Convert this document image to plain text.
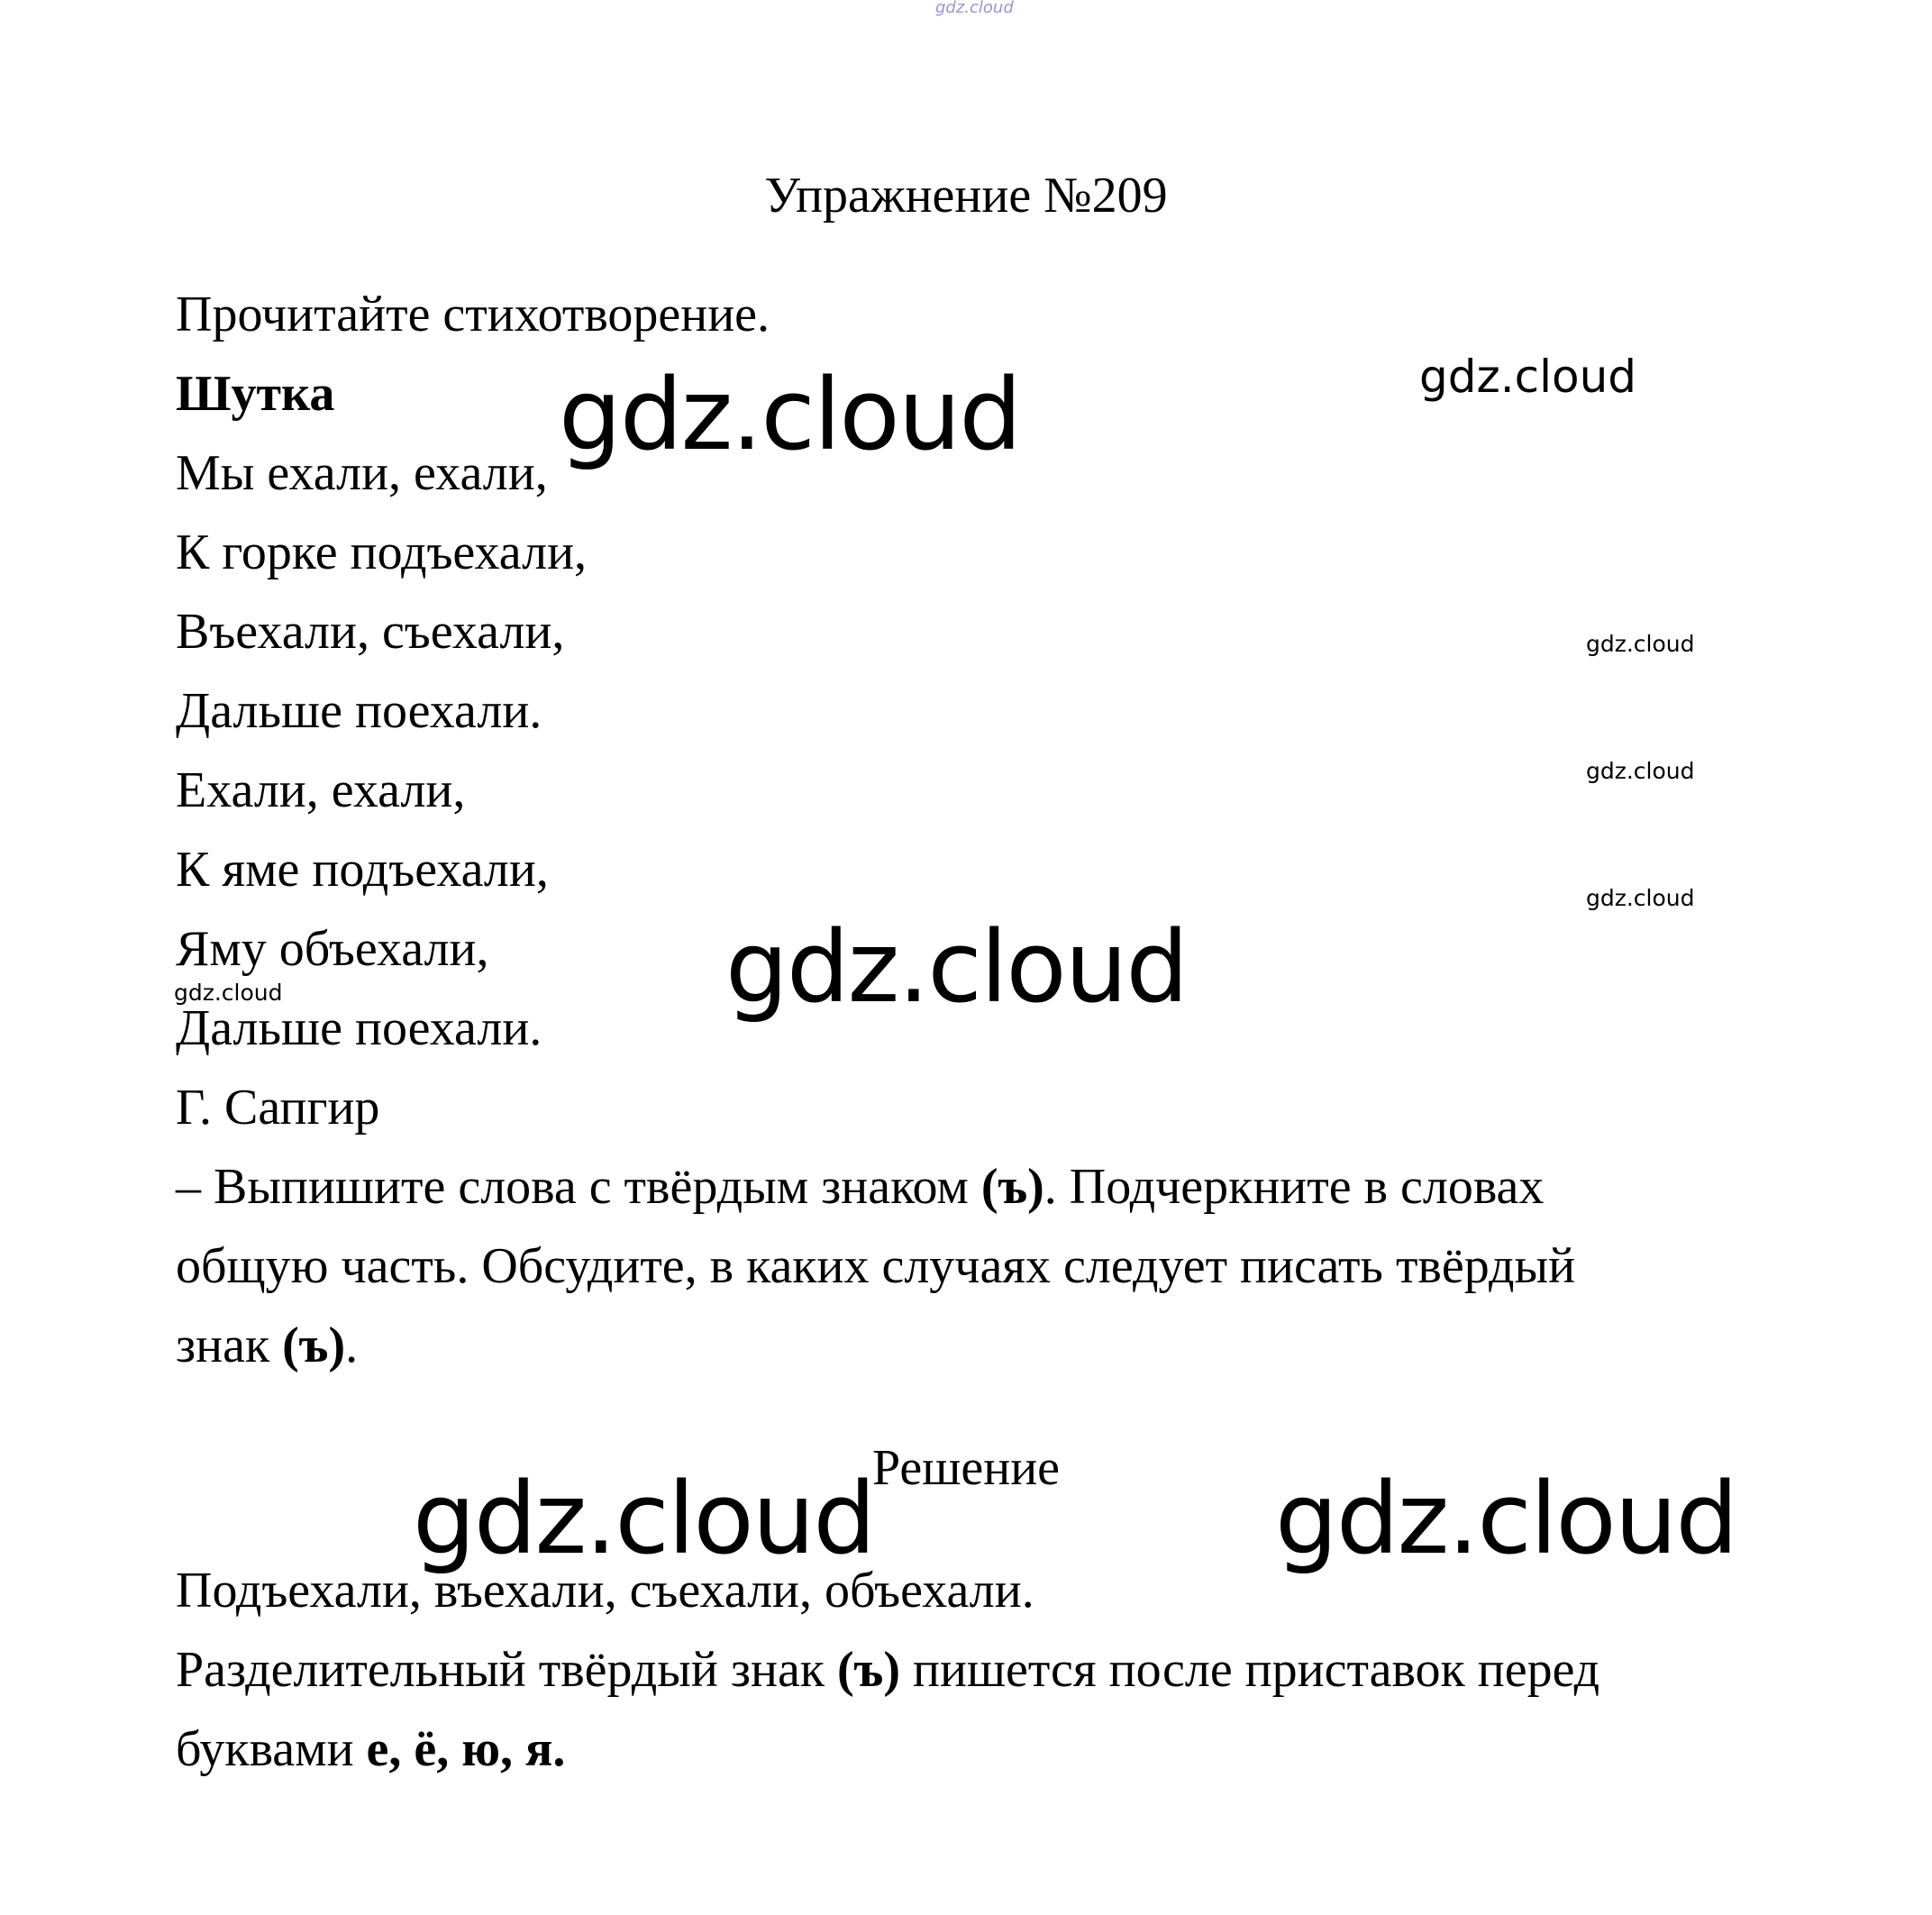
gdz.cloud
Упражнение №209
Прочитайте стихотворение.
Шутка
Мы ехали, ехали,
К горке подъехали,
Въехали, съехали,
Дальше поехали.
Ехали, ехали,
К яме подъехали,
Яму объехали,
Дальше поехали.
Г. Сапгир
– Выпишите слова с твёрдым знаком (ъ). Подчеркните в словах
общую часть. Обсудите, в каких случаях следует писать твёрдый
знак (ъ).
Решение
Подъехали, въехали, съехали, объехали.
Разделительный твёрдый знак (ъ) пишется после приставок перед
буквами е, ё, ю, я.
gdz.cloud	gdz.cloud
gdz.cloud
gdz.cloud
gdz.cloud
gdz.cloud	gdz.cloud
gdz.cloud	gdz.cloud
